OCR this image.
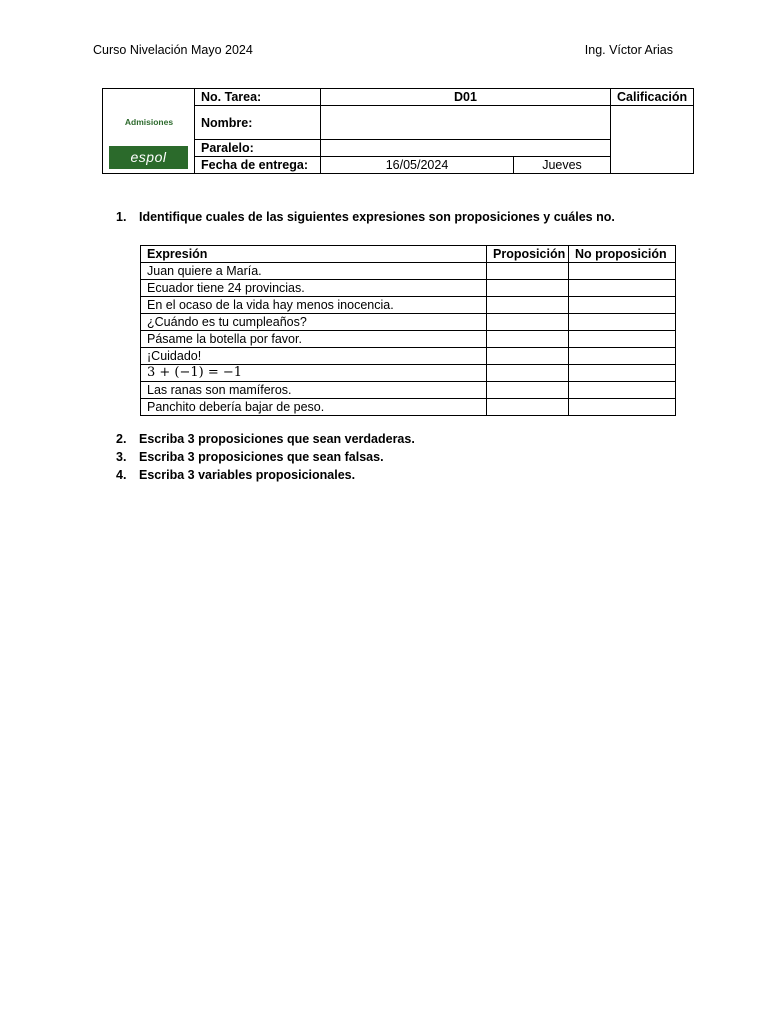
Curso Nivelación Mayo 2024	Ing. Víctor Arias
Admisiones
espol	No. Tarea:	D01		Calificación
	Nombre:			
	Paralelo:			
	Fecha de entrega:	16/05/2024	Jueves	
1. Identifique cuales de las siguientes expresiones son proposiciones y cuáles no.
Expresión	Proposición	No proposición
Juan quiere a María.		
Ecuador tiene 24 provincias.		
En el ocaso de la vida hay menos inocencia.		
¿Cuándo es tu cumpleaños?		
Pásame la botella por favor.		
¡Cuidado!		
3 + (−1) = −1		
Las ranas son mamíferos.		
Panchito debería bajar de peso.		
2. Escriba 3 proposiciones que sean verdaderas.
3. Escriba 3 proposiciones que sean falsas.
4. Escriba 3 variables proposicionales.
